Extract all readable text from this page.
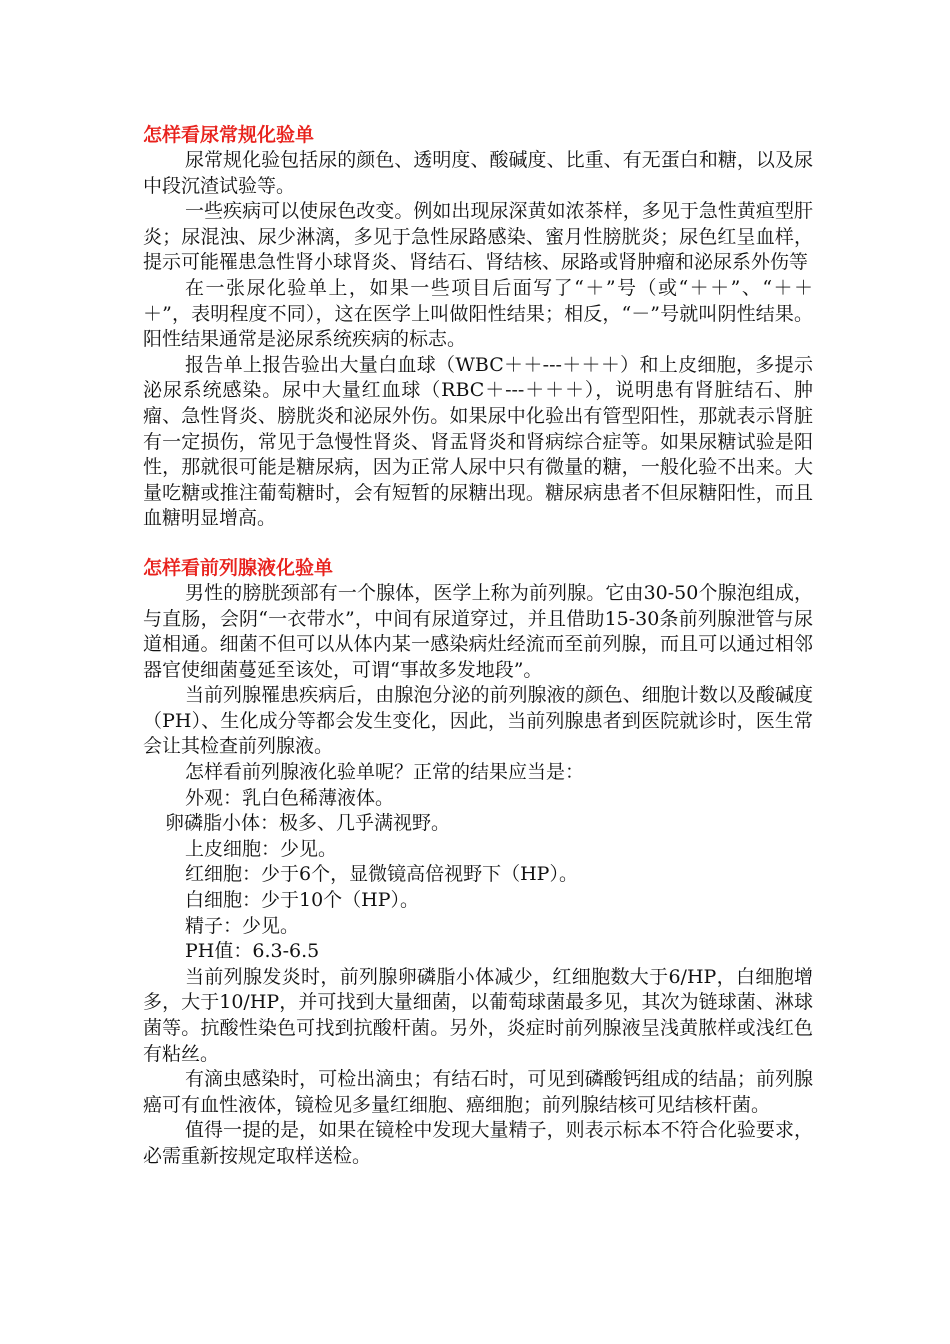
怎样看尿常规化验单

尿常规化验包括尿的颜色、透明度、酸碱度、比重、有无蛋白和糖，以及尿中段沉渣试验等。

一些疾病可以使尿色改变。例如出现尿深黄如浓茶样，多见于急性黄疸型肝炎；尿混浊、尿少淋漓，多见于急性尿路感染、蜜月性膀胱炎；尿色红呈血样，提示可能罹患急性肾小球肾炎、肾结石、肾结核、尿路或肾肿瘤和泌尿系外伤等

在一张尿化验单上，如果一些项目后面写了“＋”号（或“＋＋”、“＋＋＋”，表明程度不同），这在医学上叫做阳性结果；相反，“－”号就叫阴性结果。阳性结果通常是泌尿系统疾病的标志。

报告单上报告验出大量白血球（WBC＋＋---＋＋＋）和上皮细胞，多提示泌尿系统感染。尿中大量红血球（RBC＋---＋＋＋），说明患有肾脏结石、肿瘤、急性肾炎、膀胱炎和泌尿外伤。如果尿中化验出有管型阳性，那就表示肾脏有一定损伤，常见于急慢性肾炎、肾盂肾炎和肾病综合症等。如果尿糖试验是阳性，那就很可能是糖尿病，因为正常人尿中只有微量的糖，一般化验不出来。大量吃糖或推注葡萄糖时，会有短暂的尿糖出现。糖尿病患者不但尿糖阳性，而且血糖明显增高。

怎样看前列腺液化验单

男性的膀胱颈部有一个腺体，医学上称为前列腺。它由30-50个腺泡组成，与直肠，会阴“一衣带水”，中间有尿道穿过，并且借助15-30条前列腺泄管与尿道相通。细菌不但可以从体内某一感染病灶经流而至前列腺，而且可以通过相邻器官使细菌蔓延至该处，可谓“事故多发地段”。

当前列腺罹患疾病后，由腺泡分泌的前列腺液的颜色、细胞计数以及酸碱度（PH）、生化成分等都会发生变化，因此，当前列腺患者到医院就诊时，医生常会让其检查前列腺液。

怎样看前列腺液化验单呢？正常的结果应当是：

外观：乳白色稀薄液体。

卵磷脂小体：极多、几乎满视野。

上皮细胞：少见。

红细胞：少于6个，显微镜高倍视野下（HP）。

白细胞：少于10个（HP）。

精子：少见。

PH值：6.3-6.5

当前列腺发炎时，前列腺卵磷脂小体减少，红细胞数大于6/HP，白细胞增多，大于10/HP，并可找到大量细菌，以葡萄球菌最多见，其次为链球菌、淋球菌等。抗酸性染色可找到抗酸杆菌。另外，炎症时前列腺液呈浅黄脓样或浅红色有粘丝。

有滴虫感染时，可检出滴虫；有结石时，可见到磷酸钙组成的结晶；前列腺癌可有血性液体，镜检见多量红细胞、癌细胞；前列腺结核可见结核杆菌。

值得一提的是，如果在镜栓中发现大量精子，则表示标本不符合化验要求，必需重新按规定取样送检。
